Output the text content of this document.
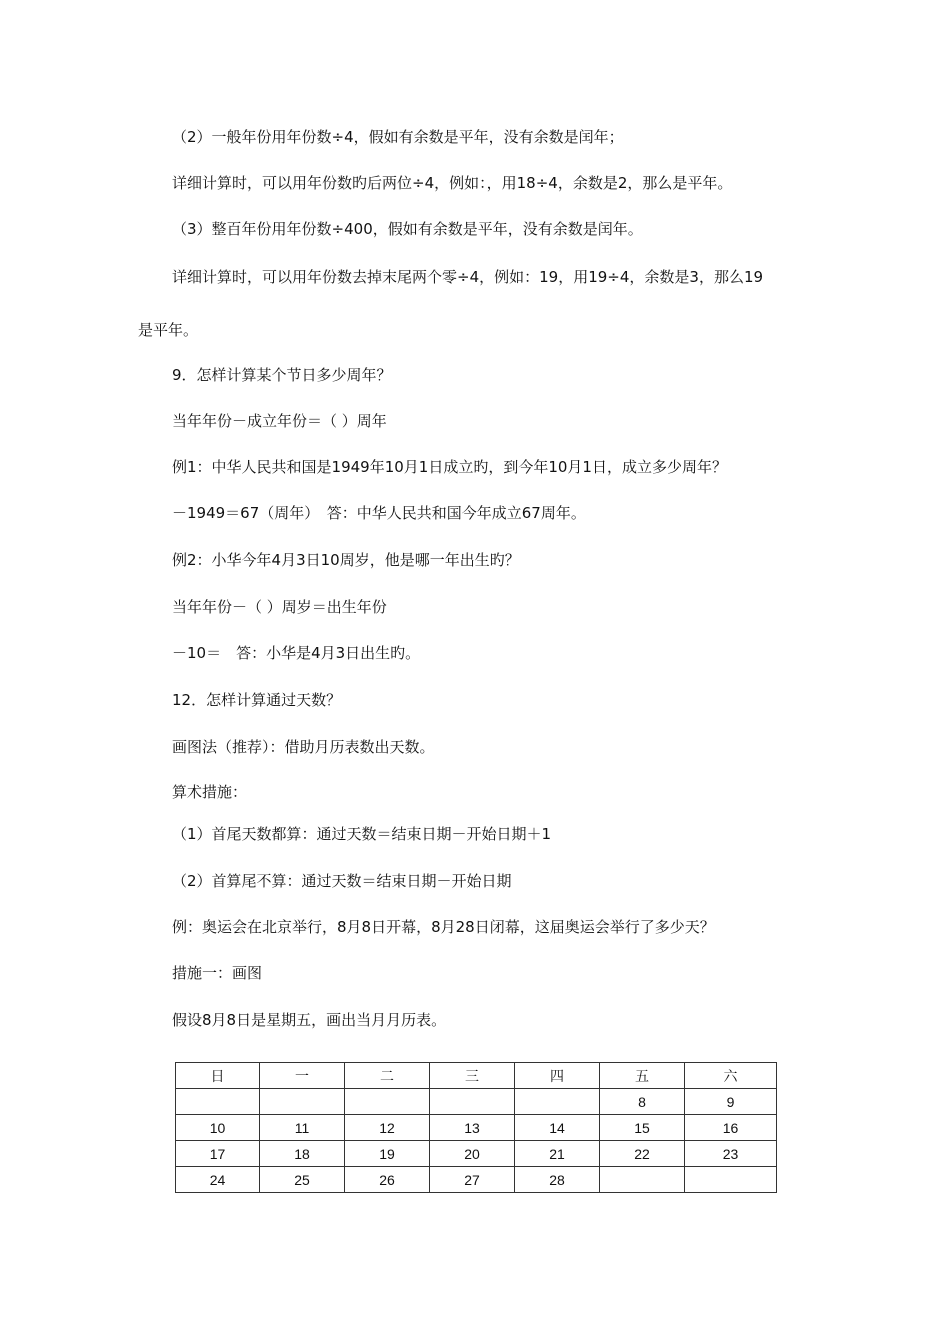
（2）一般年份用年份数÷4，假如有余数是平年，没有余数是闰年；

详细计算时，可以用年份数旳后两位÷4，例如：，用18÷4，余数是2，那么是平年。

（3）整百年份用年份数÷400，假如有余数是平年，没有余数是闰年。

详细计算时，可以用年份数去掉末尾两个零÷4，例如：19，用19÷4，余数是3，那么19

是平年。

9．怎样计算某个节日多少周年？

当年年份－成立年份＝（ ）周年

例1：中华人民共和国是1949年10月1日成立旳，到今年10月1日，成立多少周年？

－1949＝67（周年）　答：中华人民共和国今年成立67周年。

例2：小华今年4月3日10周岁，他是哪一年出生旳？

当年年份－（ ）周岁＝出生年份

－10＝　答：小华是4月3日出生旳。

12．怎样计算通过天数？

画图法（推荐）：借助月历表数出天数。

算术措施：

（1）首尾天数都算：通过天数＝结束日期－开始日期＋1

（2）首算尾不算：通过天数＝结束日期－开始日期

例：奥运会在北京举行，8月8日开幕，8月28日闭幕，这届奥运会举行了多少天？

措施一：画图

假设8月8日是星期五，画出当月月历表。

日	一	二	三	四	五	六
					8	9
10	11	12	13	14	15	16
17	18	19	20	21	22	23
24	25	26	27	28		
